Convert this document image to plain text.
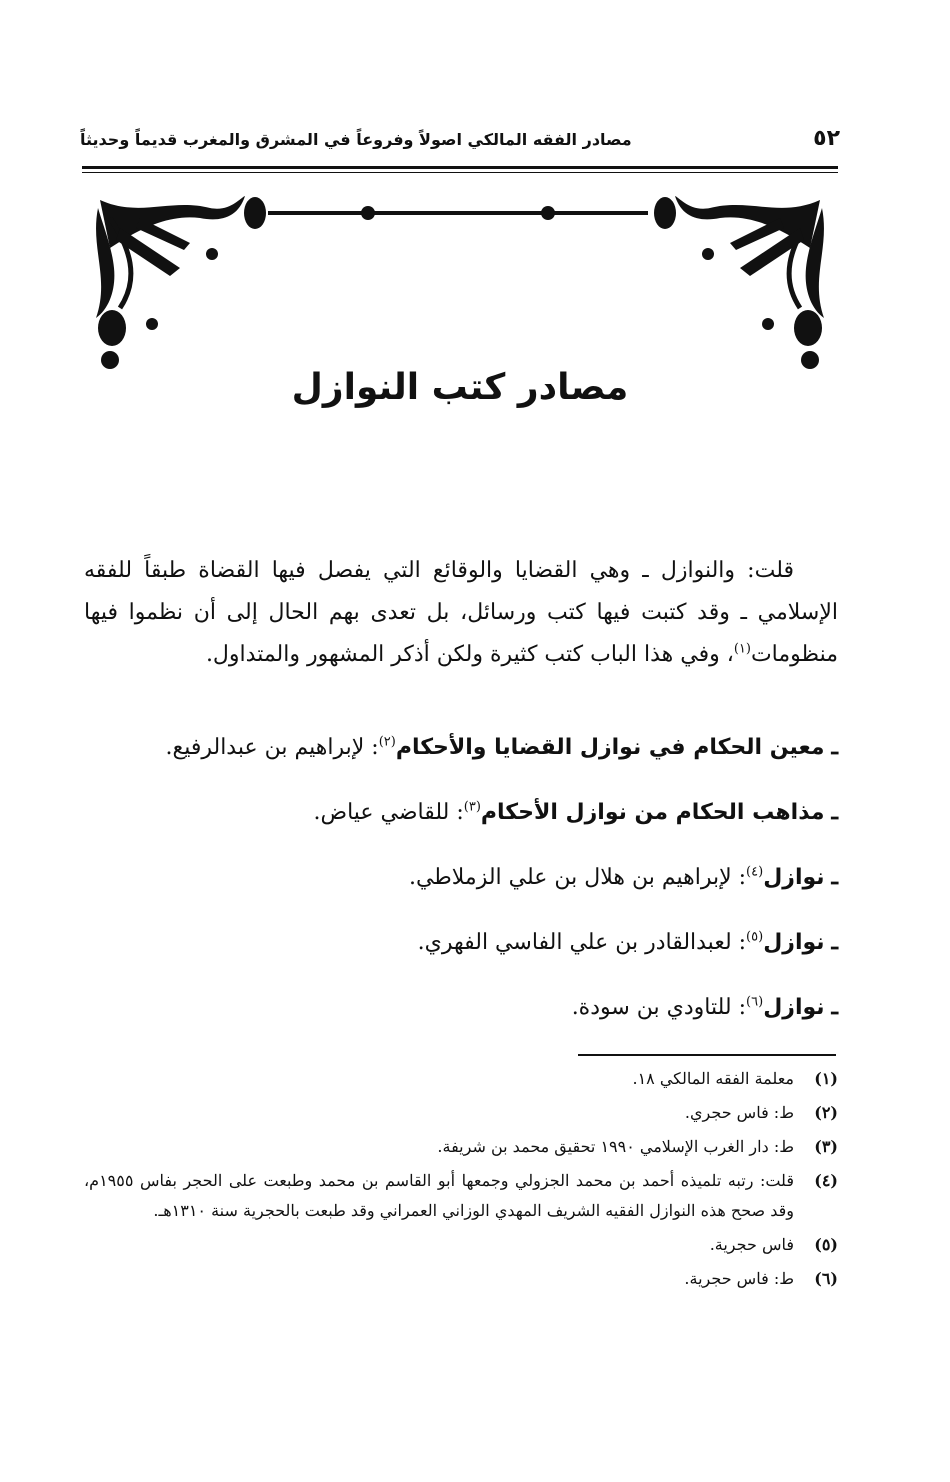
٥٢
مصادر الفقه المالكي اصولاً وفروعاً في المشرق والمغرب قديماً وحديثاً
مصادر كتب النوازل

قلت: والنوازل ـ وهي القضايا والوقائع التي يفصل فيها القضاة طبقاً للفقه الإسلامي ـ وقد كتبت فيها كتب ورسائل، بل تعدى بهم الحال إلى أن نظموا فيها منظومات$^{(١)}$، وفي هذا الباب كتب كثيرة ولكن أذكر المشهور والمتداول.

ـ معين الحكام في نوازل القضايا والأحكام$^{(٢)}$: لإبراهيم بن عبدالرفيع.
ـ مذاهب الحكام من نوازل الأحكام$^{(٣)}$: للقاضي عياض.
ـ نوازل$^{(٤)}$: لإبراهيم بن هلال بن علي الزملاطي.
ـ نوازل$^{(٥)}$: لعبدالقادر بن علي الفاسي الفهري.
ـ نوازل$^{(٦)}$: للتاودي بن سودة.
(١)
معلمة الفقه المالكي ١٨.
(٢)
ط: فاس حجري.
(٣)
ط: دار الغرب الإسلامي ١٩٩٠ تحقيق محمد بن شريفة.
(٤)
قلت: رتبه تلميذه أحمد بن محمد الجزولي وجمعها أبو القاسم بن محمد وطبعت على الحجر بفاس ١٩٥٥م، وقد صحح هذه النوازل الفقيه الشريف المهدي الوزاني العمراني وقد طبعت بالحجرية سنة ١٣١٠هـ.
(٥)
فاس حجرية.
(٦)
ط: فاس حجرية.
